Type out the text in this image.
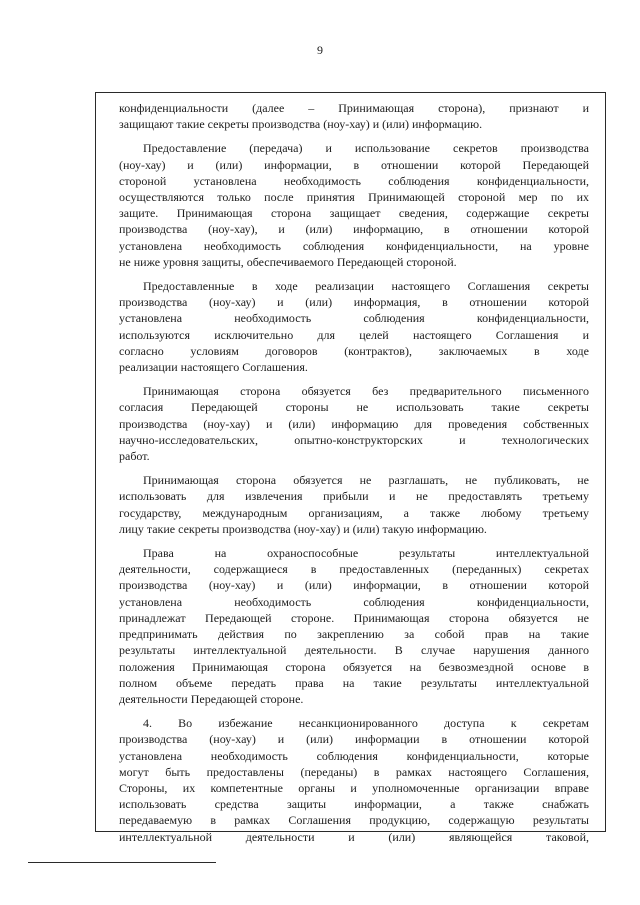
9
конфиденциальности (далее – Принимающая сторона), признают и
защищают такие секреты производства (ноу-хау) и (или) информацию.
Предоставление (передача) и использование секретов производства
(ноу-хау) и (или) информации, в отношении которой Передающей
стороной установлена необходимость соблюдения конфиденциальности,
осуществляются только после принятия Принимающей стороной мер по их
защите. Принимающая сторона защищает сведения, содержащие секреты
производства (ноу-хау), и (или) информацию, в отношении которой
установлена необходимость соблюдения конфиденциальности, на уровне
не ниже уровня защиты, обеспечиваемого Передающей стороной.
Предоставленные в ходе реализации настоящего Соглашения секреты
производства (ноу-хау) и (или) информация, в отношении которой
установлена необходимость соблюдения конфиденциальности,
используются исключительно для целей настоящего Соглашения и
согласно условиям договоров (контрактов), заключаемых в ходе
реализации настоящего Соглашения.
Принимающая сторона обязуется без предварительного письменного
согласия Передающей стороны не использовать такие секреты
производства (ноу-хау) и (или) информацию для проведения собственных
научно-исследовательских, опытно-конструкторских и технологических
работ.
Принимающая сторона обязуется не разглашать, не публиковать, не
использовать для извлечения прибыли и не предоставлять третьему
государству, международным организациям, а также любому третьему
лицу такие секреты производства (ноу-хау) и (или) такую информацию.
Права на охраноспособные результаты интеллектуальной
деятельности, содержащиеся в предоставленных (переданных) секретах
производства (ноу-хау) и (или) информации, в отношении которой
установлена необходимость соблюдения конфиденциальности,
принадлежат Передающей стороне. Принимающая сторона обязуется не
предпринимать действия по закреплению за собой прав на такие
результаты интеллектуальной деятельности. В случае нарушения данного
положения Принимающая сторона обязуется на безвозмездной основе в
полном объеме передать права на такие результаты интеллектуальной
деятельности Передающей стороне.
4. Во избежание несанкционированного доступа к секретам
производства (ноу-хау) и (или) информации в отношении которой
установлена необходимость соблюдения конфиденциальности, которые
могут быть предоставлены (переданы) в рамках настоящего Соглашения,
Стороны, их компетентные органы и уполномоченные организации вправе
использовать средства защиты информации, а также снабжать
передаваемую в рамках Соглашения продукцию, содержащую результаты
интеллектуальной деятельности и (или) являющейся таковой,
